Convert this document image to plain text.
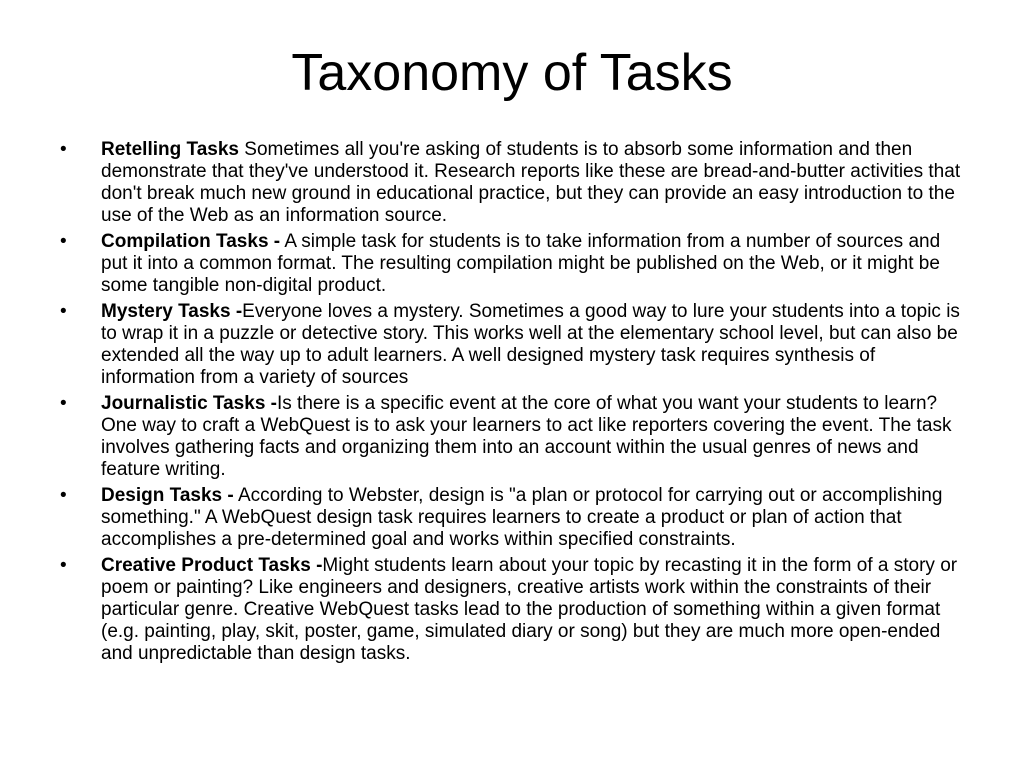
Taxonomy of Tasks
•	Retelling Tasks Sometimes all you're asking of students is to absorb some information and then demonstrate that they've understood it. Research reports like these are bread-and-butter activities that don't break much new ground in educational practice, but they can provide an easy introduction to the use of the Web as an information source.
•	Compilation Tasks - A simple task for students is to take information from a number of sources and put it into a common format. The resulting compilation might be published on the Web, or it might be some tangible non-digital product.
•	Mystery Tasks -Everyone loves a mystery. Sometimes a good way to lure your students into a topic is to wrap it in a puzzle or detective story. This works well at the elementary school level, but can also be extended all the way up to adult learners. A well designed mystery task requires synthesis of information from a variety of sources
•	Journalistic Tasks -Is there is a specific event at the core of what you want your students to learn? One way to craft a WebQuest is to ask your learners to act like reporters covering the event. The task involves gathering facts and organizing them into an account within the usual genres of news and feature writing.
•	Design Tasks - According to Webster, design is "a plan or protocol for carrying out or accomplishing something." A WebQuest design task requires learners to create a product or plan of action that accomplishes a pre-determined goal and works within specified constraints.
•	Creative Product Tasks -Might students learn about your topic by recasting it in the form of a story or poem or painting? Like engineers and designers, creative artists work within the constraints of their particular genre. Creative WebQuest tasks lead to the production of something within a given format (e.g. painting, play, skit, poster, game, simulated diary or song) but they are much more open-ended and unpredictable than design tasks.
